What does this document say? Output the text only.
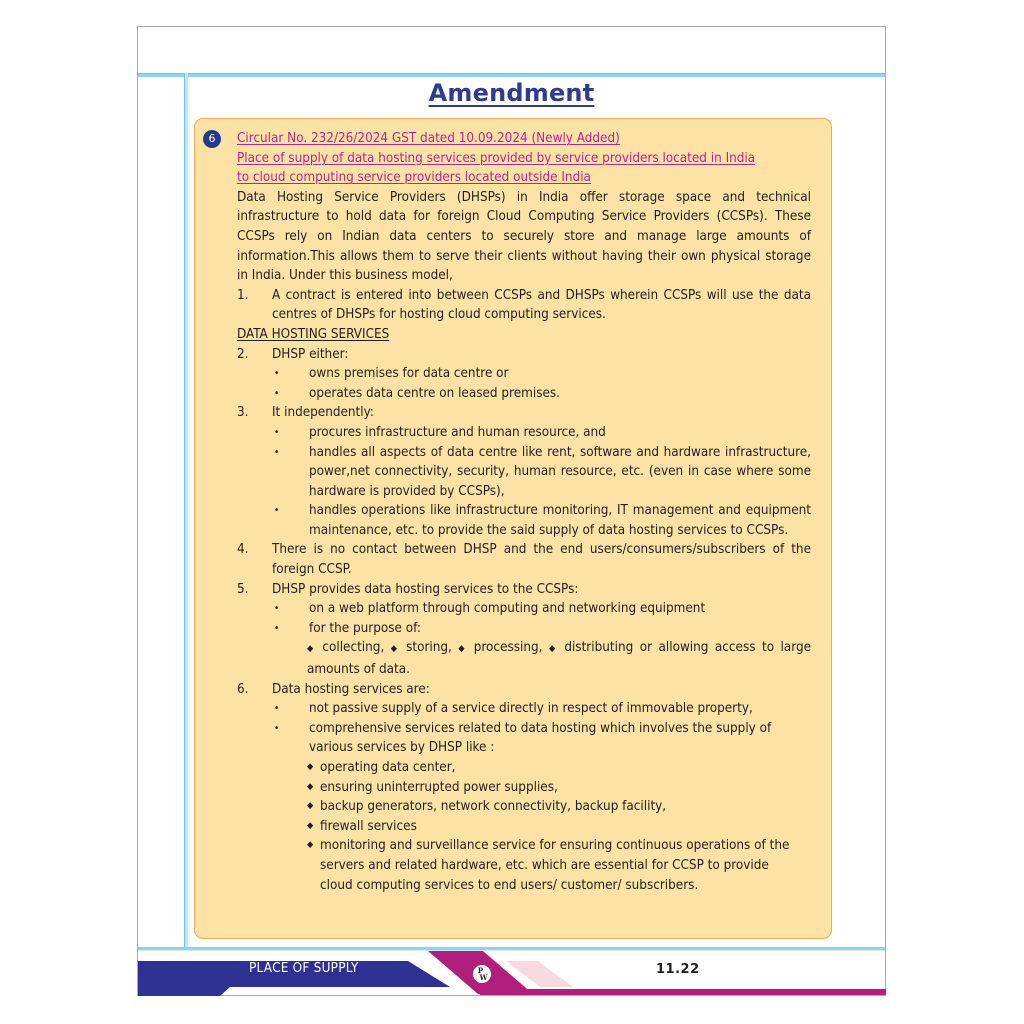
Amendment
6	Circular No. 232/26/2024 GST dated 10.09.2024 (Newly Added)
Place of supply of data hosting services provided by service providers located in India
to cloud computing service providers located outside India
Data Hosting Service Providers (DHSPs) in India offer storage space and technical infrastructure to hold data for foreign Cloud Computing Service Providers (CCSPs). These CCSPs rely on Indian data centers to securely store and manage large amounts of information.This allows them to serve their clients without having their own physical storage in India. Under this business model,
1.	A contract is entered into between CCSPs and DHSPs wherein CCSPs will use the data centres of DHSPs for hosting cloud computing services.
DATA HOSTING SERVICES
2.	DHSP either:
•	owns premises for data centre or
•	operates data centre on leased premises.
3.	It independently:
•	procures infrastructure and human resource, and
•	handles all aspects of data centre like rent, software and hardware infrastructure, power,net connectivity, security, human resource, etc. (even in case where some hardware is provided by CCSPs),
•	handles operations like infrastructure monitoring, IT management and equipment maintenance, etc. to provide the said supply of data hosting services to CCSPs.
4.	There is no contact between DHSP and the end users/consumers/subscribers of the foreign CCSP.
5.	DHSP provides data hosting services to the CCSPs:
•	on a web platform through computing and networking equipment
•	for the purpose of:
◆ collecting, ◆ storing, ◆ processing, ◆ distributing or allowing access to large amounts of data.
6.	Data hosting services are:
•	not passive supply of a service directly in respect of immovable property,
•	comprehensive services related to data hosting which involves the supply of various services by DHSP like :
◆ operating data center,
◆ ensuring uninterrupted power supplies,
◆ backup generators, network connectivity, backup facility,
◆ firewall services
◆ monitoring and surveillance service for ensuring continuous operations of the servers and related hardware, etc. which are essential for CCSP to provide cloud computing services to end users/ customer/ subscribers.
PLACE OF SUPPLY	P
W
11.22
